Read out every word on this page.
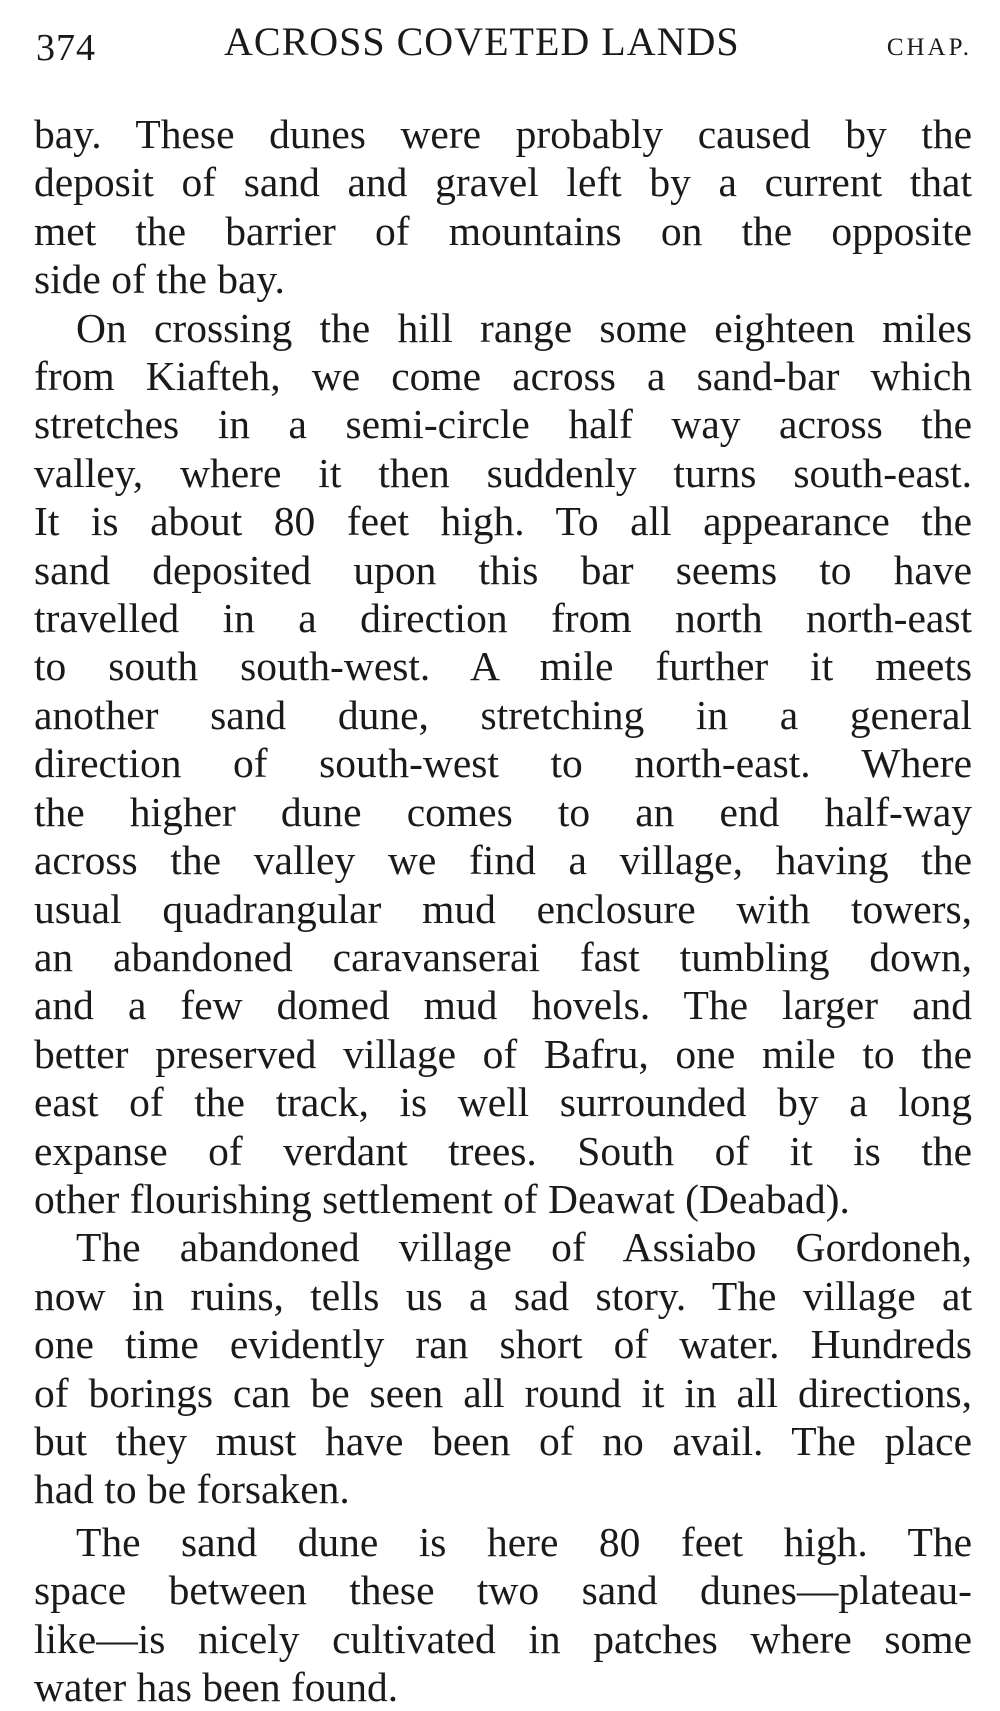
374	ACROSS COVETED LANDS	CHAP.

bay. These dunes were probably caused by the
deposit of sand and gravel left by a current that
met the barrier of mountains on the opposite
side of the bay.

On crossing the hill range some eighteen miles
from Kiafteh, we come across a sand-bar which
stretches in a semi-circle half way across the
valley, where it then suddenly turns south-east.
It is about 80 feet high. To all appearance the
sand deposited upon this bar seems to have
travelled in a direction from north north-east
to south south-west. A mile further it meets
another sand dune, stretching in a general
direction of south-west to north-east. Where
the higher dune comes to an end half-way
across the valley we find a village, having the
usual quadrangular mud enclosure with towers,
an abandoned caravanserai fast tumbling down,
and a few domed mud hovels. The larger and
better preserved village of Bafru, one mile to the
east of the track, is well surrounded by a long
expanse of verdant trees. South of it is the
other flourishing settlement of Deawat (Deabad).

The abandoned village of Assiabo Gordoneh,
now in ruins, tells us a sad story. The village at
one time evidently ran short of water. Hundreds
of borings can be seen all round it in all directions,
but they must have been of no avail. The place
had to be forsaken.

The sand dune is here 80 feet high. The
space between these two sand dunes—plateau-
like—is nicely cultivated in patches where some
water has been found.
